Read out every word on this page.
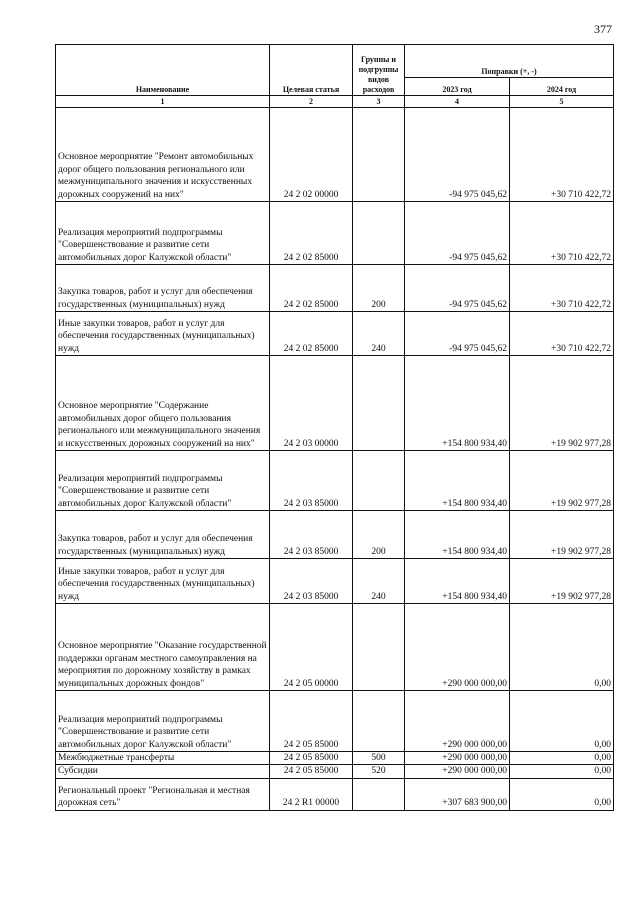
377
Наименование	Целевая статья	Группы и подгруппы видов расходов	Поправки (+, -)	
			2023 год	2024 год
1	2	3	4	5
Основное мероприятие "Ремонт автомобильных дорог общего пользования регионального или межмуниципального значения и искусственных дорожных сооружений на них"	24 2 02 00000		-94 975 045,62	+30 710 422,72
Реализация мероприятий подпрограммы "Совершенствование и развитие сети автомобильных дорог Калужской области"	24 2 02 85000		-94 975 045,62	+30 710 422,72
Закупка товаров, работ и услуг для обеспечения государственных (муниципальных) нужд	24 2 02 85000	200	-94 975 045,62	+30 710 422,72
Иные закупки товаров, работ и услуг для обеспечения государственных (муниципальных) нужд	24 2 02 85000	240	-94 975 045,62	+30 710 422,72
Основное мероприятие "Содержание автомобильных дорог общего пользования регионального или межмуниципального значения и искусственных дорожных сооружений на них"	24 2 03 00000		+154 800 934,40	+19 902 977,28
Реализация мероприятий подпрограммы "Совершенствование и развитие сети автомобильных дорог Калужской области"	24 2 03 85000		+154 800 934,40	+19 902 977,28
Закупка товаров, работ и услуг для обеспечения государственных (муниципальных) нужд	24 2 03 85000	200	+154 800 934,40	+19 902 977,28
Иные закупки товаров, работ и услуг для обеспечения государственных (муниципальных) нужд	24 2 03 85000	240	+154 800 934,40	+19 902 977,28
Основное мероприятие "Оказание государственной поддержки органам местного самоуправления на мероприятия по дорожному хозяйству в рамках муниципальных дорожных фондов"	24 2 05 00000		+290 000 000,00	0,00
Реализация мероприятий подпрограммы "Совершенствование и развитие сети автомобильных дорог Калужской области"	24 2 05 85000		+290 000 000,00	0,00
Межбюджетные трансферты	24 2 05 85000	500	+290 000 000,00	0,00
Субсидии	24 2 05 85000	520	+290 000 000,00	0,00
Региональный проект "Региональная и местная дорожная сеть"	24 2 R1 00000		+307 683 900,00	0,00
